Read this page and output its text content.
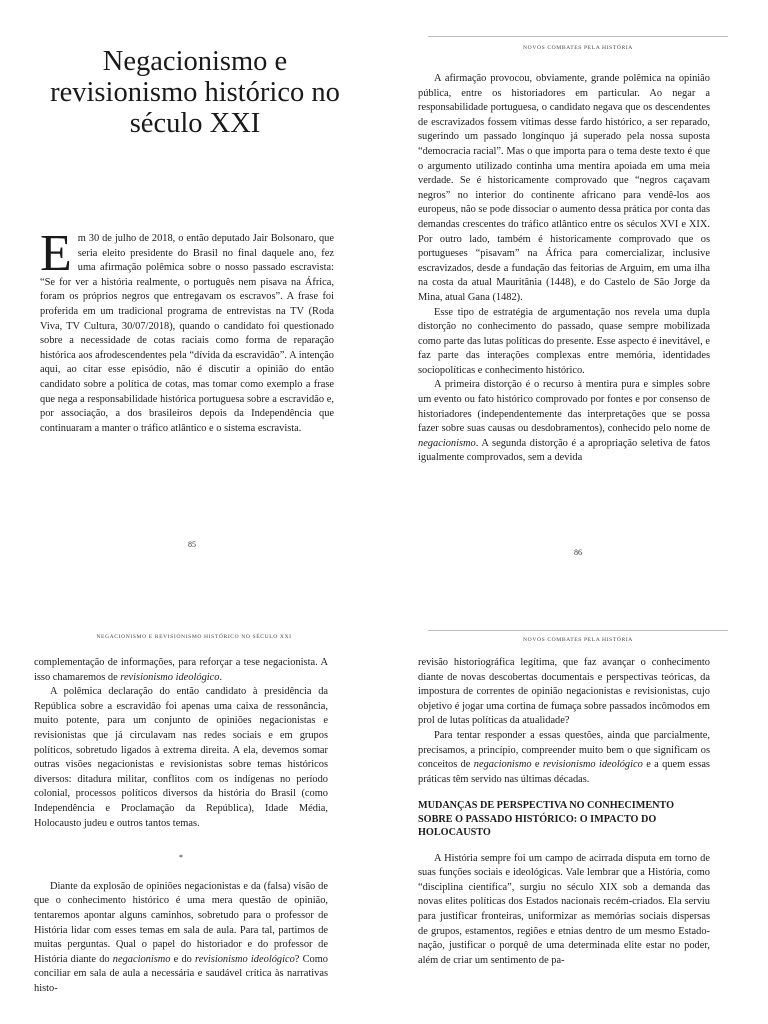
Negacionismo e revisionismo histórico no século XXI

Em 30 de julho de 2018, o então deputado Jair Bolsonaro, que seria eleito presidente do Brasil no final daquele ano, fez uma afirmação polêmica sobre o nosso passado escravista: “Se for ver a história realmente, o português nem pisava na África, foram os próprios negros que entregavam os escravos”. A frase foi proferida em um tradicional programa de entrevistas na TV (Roda Viva, TV Cultura, 30/07/2018), quando o candidato foi questionado sobre a necessidade de cotas raciais como forma de reparação histórica aos afrodescendentes pela “dívida da escravidão”. A intenção aqui, ao citar esse episódio, não é discutir a opinião do então candidato sobre a política de cotas, mas tomar como exemplo a frase que nega a responsabilidade histórica portuguesa sobre a escravidão e, por associação, a dos brasileiros depois da Independência que continuaram a manter o tráfico atlântico e o sistema escravista.

85
NOVOS COMBATES PELA HISTÓRIA

A afirmação provocou, obviamente, grande polêmica na opinião pública, entre os historiadores em particular. Ao negar a responsabilidade portuguesa, o candidato negava que os descendentes de escravizados fossem vítimas desse fardo histórico, a ser reparado, sugerindo um passado longínquo já superado pela nossa suposta “democracia racial”. Mas o que importa para o tema deste texto é que o argumento utilizado continha uma mentira apoiada em uma meia verdade. Se é historicamente comprovado que “negros caçavam negros” no interior do continente africano para vendê-los aos europeus, não se pode dissociar o aumento dessa prática por conta das demandas crescentes do tráfico atlântico entre os séculos XVI e XIX. Por outro lado, também é historicamente comprovado que os portugueses “pisavam” na África para comercializar, inclusive escravizados, desde a fundação das feitorias de Arguim, em uma ilha na costa da atual Mauritânia (1448), e do Castelo de São Jorge da Mina, atual Gana (1482).

Esse tipo de estratégia de argumentação nos revela uma dupla distorção no conhecimento do passado, quase sempre mobilizada como parte das lutas políticas do presente. Esse aspecto é inevitável, e faz parte das interações complexas entre memória, identidades sociopolíticas e conhecimento histórico.

A primeira distorção é o recurso à mentira pura e simples sobre um evento ou fato histórico comprovado por fontes e por consenso de historiadores (independentemente das interpretações que se possa fazer sobre suas causas ou desdobramentos), conhecido pelo nome de negacionismo. A segunda distorção é a apropriação seletiva de fatos igualmente comprovados, sem a devida

86
NEGACIONISMO E REVISIONISMO HISTÓRICO NO SÉCULO XXI

complementação de informações, para reforçar a tese negacionista. A isso chamaremos de revisionismo ideológico.

A polêmica declaração do então candidato à presidência da República sobre a escravidão foi apenas uma caixa de ressonância, muito potente, para um conjunto de opiniões negacionistas e revisionistas que já circulavam nas redes sociais e em grupos políticos, sobretudo ligados à extrema direita. A ela, devemos somar outras visões negacionistas e revisionistas sobre temas históricos diversos: ditadura militar, conflitos com os indígenas no período colonial, processos políticos diversos da história do Brasil (como Independência e Proclamação da República), Idade Média, Holocausto judeu e outros tantos temas.

*

Diante da explosão de opiniões negacionistas e da (falsa) visão de que o conhecimento histórico é uma mera questão de opinião, tentaremos apontar alguns caminhos, sobretudo para o professor de História lidar com esses temas em sala de aula. Para tal, partimos de muitas perguntas. Qual o papel do historiador e do professor de História diante do negacionismo e do revisionismo ideológico? Como conciliar em sala de aula a necessária e saudável crítica às narrativas histo-

NOVOS COMBATES PELA HISTÓRIA

revisão historiográfica legítima, que faz avançar o conhecimento diante de novas descobertas documentais e perspectivas teóricas, da impostura de correntes de opinião negacionistas e revisionistas, cujo objetivo é jogar uma cortina de fumaça sobre passados incômodos em prol de lutas políticas da atualidade?

Para tentar responder a essas questões, ainda que parcialmente, precisamos, a princípio, compreender muito bem o que significam os conceitos de negacionismo e revisionismo ideológico e a quem essas práticas têm servido nas últimas décadas.

MUDANÇAS DE PERSPECTIVA NO CONHECIMENTO SOBRE O PASSADO HISTÓRICO: O IMPACTO DO HOLOCAUSTO

A História sempre foi um campo de acirrada disputa em torno de suas funções sociais e ideológicas. Vale lembrar que a História, como “disciplina científica”, surgiu no século XIX sob a demanda das novas elites políticas dos Estados nacionais recém-criados. Ela serviu para justificar fronteiras, uniformizar as memórias sociais dispersas de grupos, estamentos, regiões e etnias dentro de um mesmo Estado-nação, justificar o porquê de uma determinada elite estar no poder, além de criar um sentimento de pa-
